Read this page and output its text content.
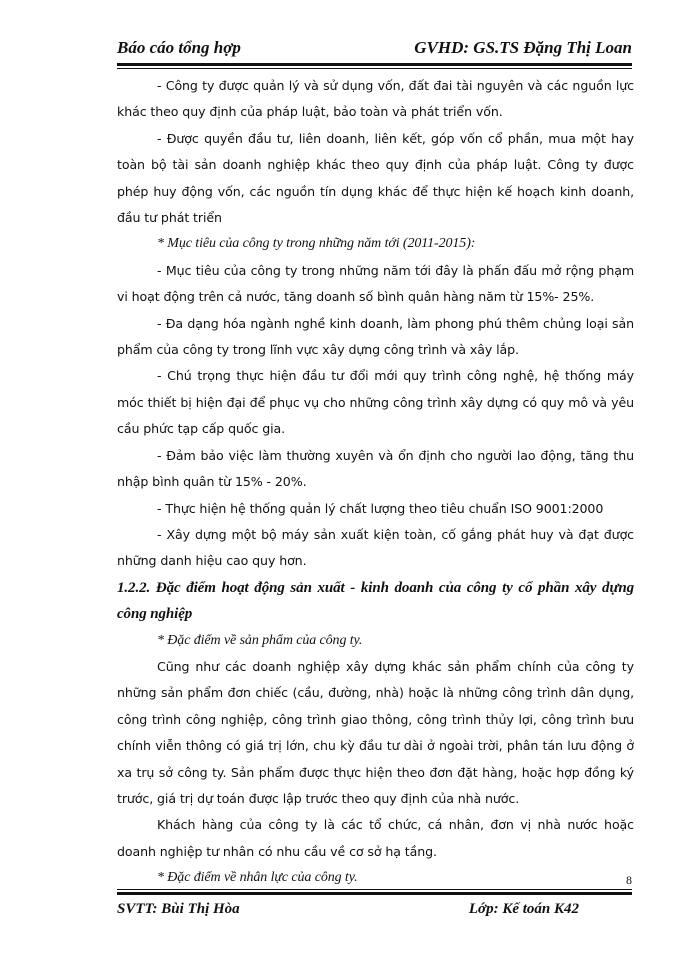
Báo cáo tổng hợp	GVHD: GS.TS Đặng Thị Loan

- Công ty được quản lý và sử dụng vốn, đất đai tài nguyên và các nguồn lực khác theo quy định của pháp luật, bảo toàn và phát triển vốn.

- Được quyền đầu tư, liên doanh, liên kết, góp vốn cổ phần, mua một hay toàn bộ tài sản doanh nghiệp khác theo quy định của pháp luật. Công ty được phép huy động vốn, các nguồn tín dụng khác để thực hiện kế hoạch kinh doanh, đầu tư phát triển

* Mục tiêu của công ty trong những năm tới (2011-2015):

- Mục tiêu của công ty trong những năm tới đây là phấn đấu mở rộng phạm vi hoạt động trên cả nước, tăng doanh số bình quân hàng năm từ 15%- 25%.

- Đa dạng hóa ngành nghề kinh doanh, làm phong phú thêm chủng loại sản phẩm của công ty trong lĩnh vực xây dựng công trình và xây lắp.

- Chú trọng thực hiện đầu tư đổi mới quy trình công nghệ, hệ thống máy móc thiết bị hiện đại để phục vụ cho những công trình xây dựng có quy mô và yêu cầu phức tạp cấp quốc gia.

- Đảm bảo việc làm thường xuyên và ổn định cho người lao động, tăng thu nhập bình quân từ 15% - 20%.

- Thực hiện hệ thống quản lý chất lượng theo tiêu chuẩn ISO 9001:2000

- Xây dựng một bộ máy sản xuất kiện toàn, cố gắng phát huy và đạt được những danh hiệu cao quy hơn.

1.2.2. Đặc điểm hoạt động sản xuất - kinh doanh của công ty cổ phần xây dựng công nghiệp

* Đặc điểm về sản phẩm của công ty.

Cũng như các doanh nghiệp xây dựng khác sản phẩm chính của công ty những sản phẩm đơn chiếc (cầu, đường, nhà) hoặc là những công trình dân dụng, công trình công nghiệp, công trình giao thông, công trình thủy lợi, công trình bưu chính viễn thông có giá trị lớn, chu kỳ đầu tư dài ở ngoài trời, phân tán lưu động ở xa trụ sở công ty. Sản phẩm được thực hiện theo đơn đặt hàng, hoặc hợp đồng ký trước, giá trị dự toán được lập trước theo quy định của nhà nước.

Khách hàng của công ty là các tổ chức, cá nhân, đơn vị nhà nước hoặc doanh nghiệp tư nhân có nhu cầu về cơ sở hạ tầng.

* Đặc điểm về nhân lực của công ty.	8
SVTT: Bùi Thị Hòa	Lớp: Kế toán K42
